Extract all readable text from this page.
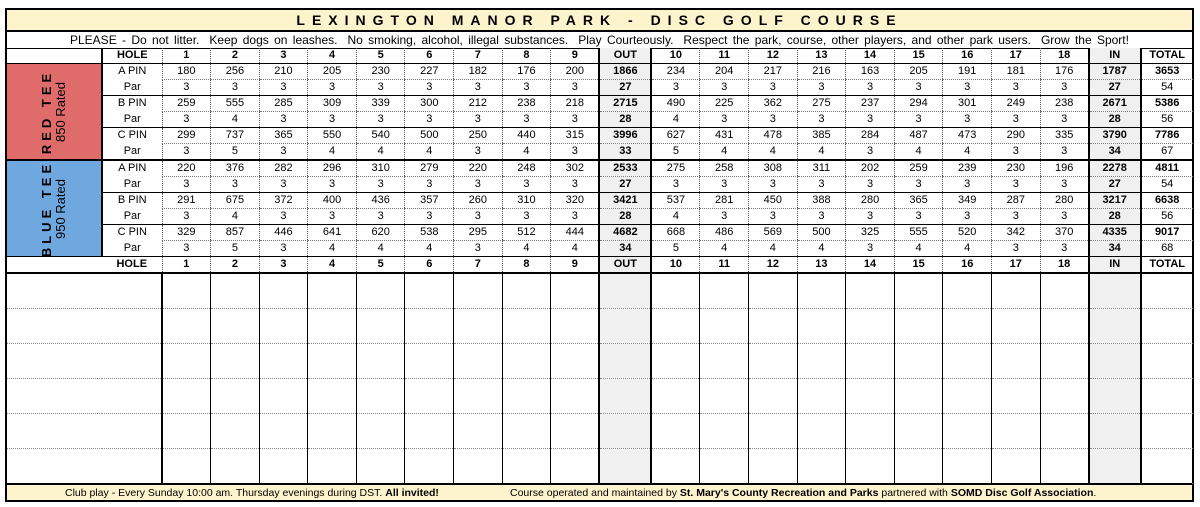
LEXINGTON MANOR PARK - DISC GOLF COURSE
PLEASE - Do not litter. Keep dogs on leashes. No smoking, alcohol, illegal substances. Play Courteously. Respect the park, course, other players, and other park users. Grow the Sport!
	HOLE	1	2	3	4	5	6	7	8	9	OUT	10	11	12	13	14	15	16	17	18	IN	TOTAL

RED TEE 850 Rated	A PIN	180	256	210	205	230	227	182	176	200	1866	234	204	217	216	163	205	191	181	176	1787	3653
	Par	3	3	3	3	3	3	3	3	3	27	3	3	3	3	3	3	3	3	3	27	54
	B PIN	259	555	285	309	339	300	212	238	218	2715	490	225	362	275	237	294	301	249	238	2671	5386
	Par	3	4	3	3	3	3	3	3	3	28	4	3	3	3	3	3	3	3	3	28	56
	C PIN	299	737	365	550	540	500	250	440	315	3996	627	431	478	385	284	487	473	290	335	3790	7786
	Par	3	5	3	4	4	4	3	4	3	33	5	4	4	4	3	4	4	3	3	34	67

BLUE TEE 950 Rated	A PIN	220	376	282	296	310	279	220	248	302	2533	275	258	308	311	202	259	239	230	196	2278	4811
	Par	3	3	3	3	3	3	3	3	3	27	3	3	3	3	3	3	3	3	3	27	54
	B PIN	291	675	372	400	436	357	260	310	320	3421	537	281	450	388	280	365	349	287	280	3217	6638
	Par	3	4	3	3	3	3	3	3	3	28	4	3	3	3	3	3	3	3	3	28	56
	C PIN	329	857	446	641	620	538	295	512	444	4682	668	486	569	500	325	555	520	342	370	4335	9017
	Par	3	5	3	4	4	4	3	4	4	34	5	4	4	4	3	4	4	3	3	34	68
	HOLE	1	2	3	4	5	6	7	8	9	OUT	10	11	12	13	14	15	16	17	18	IN	TOTAL

Club play - Every Sunday 10:00 am. Thursday evenings during DST. All invited!	Course operated and maintained by St. Mary's County Recreation and Parks partnered with SOMD Disc Golf Association.
